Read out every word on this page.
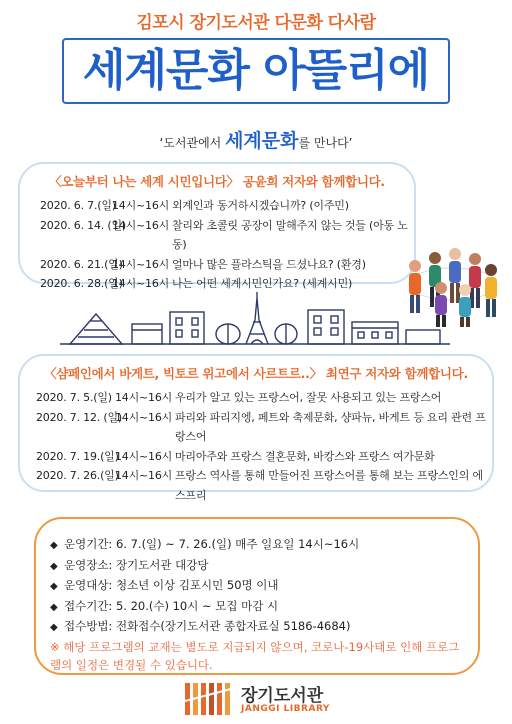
김포시 장기도서관 다문화 다사람
세계문화 아뜰리에
‘도서관에서 세계문화를 만나다’
〈오늘부터 나는 세계 시민입니다〉 공윤희 저자와 함께합니다.
2020. 6. 7.(일)
14시~16시 외계인과 동거하시겠습니까? (이주민)
2020. 6. 14. (일)
14시~16시 찰리와 초콜릿 공장이 말해주지 않는 것들 (아동 노동)
2020. 6. 21.(일)
14시~16시 얼마나 많은 플라스틱을 드셨나요? (환경)
2020. 6. 28.(일)
14시~16시 나는 어떤 세계시민인가요? (세계시민)
〈샴페인에서 바게트, 빅토르 위고에서 사르트르..〉 최연구 저자와 함께합니다.
2020. 7. 5.(일) 14시~16시 우리가 알고 있는 프랑스어, 잘못 사용되고 있는 프랑스어
2020. 7. 12. (일)
14시~16시 파리와 파리지엥, 페트와 축제문화, 샹파뉴, 바게트 등 요리 관련 프랑스어
2020. 7. 19.(일)
14시~16시 마리아주와 프랑스 결혼문화, 바캉스와 프랑스 여가문화
2020. 7. 26.(일)
14시~16시 프랑스 역사를 통해 만들어진 프랑스어를 통해 보는 프랑스인의 에스프리
◆ 운영기간: 6. 7.(일) ~ 7. 26.(일) 매주 일요일 14시~16시
◆ 운영장소: 장기도서관 대강당
◆ 운영대상: 청소년 이상 김포시민 50명 이내
◆ 접수기간: 5. 20.(수) 10시 ~ 모집 마감 시
◆ 접수방법: 전화접수(장기도서관 종합자료실 5186-4684)
※ 해당 프로그램의 교재는 별도로 지급되지 않으며, 코로나-19사태로 인해 프로그램의 일정은 변경될 수 있습니다.
장기도서관
JANGGI LIBRARY
